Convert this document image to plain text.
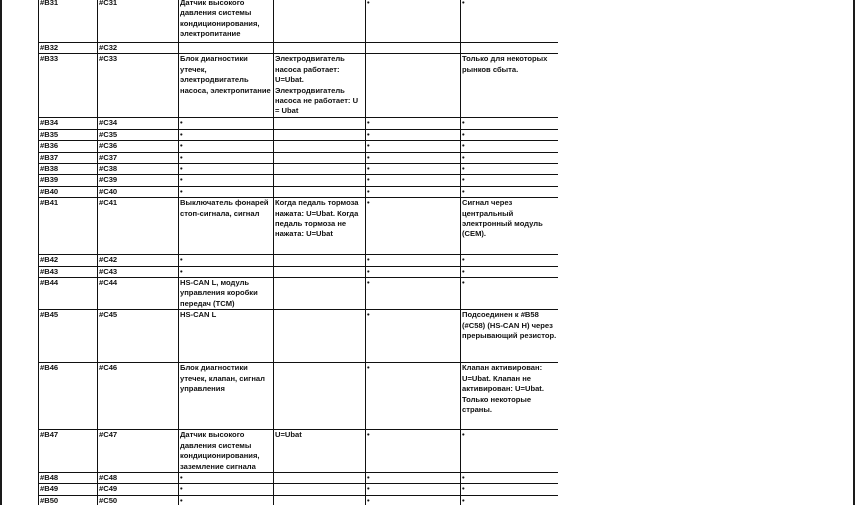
#B31	#C31	Датчик высокого давления системы кондиционирования, электропитание		•	•
#B32	#C32				
#B33	#C33	Блок диагностики утечек, электродвигатель насоса, электропитание	Электродвигатель насоса работает: U=Ubat. Электродвигатель насоса не работает: U = Ubat		Только для некоторых рынков сбыта.
#B34	#C34	•		•	•
#B35	#C35	•		•	•
#B36	#C36	•		•	•
#B37	#C37	•		•	•
#B38	#C38	•		•	•
#B39	#C39	•		•	•
#B40	#C40	•		•	•
#B41	#C41	Выключатель фонарей стоп-сигнала, сигнал	Когда педаль тормоза нажата: U=Ubat. Когда педаль тормоза не нажата: U=Ubat	•	Сигнал через центральный электронный модуль (CEM).
#B42	#C42	•		•	•
#B43	#C43	•		•	•
#B44	#C44	HS-CAN L, модуль управления коробки передач (TCM)		•	•
#B45	#C45	HS-CAN L		•	Подсоединен к #B58 (#C58) (HS-CAN H) через прерывающий резистор.
#B46	#C46	Блок диагностики утечек, клапан, сигнал управления		•	Клапан активирован: U=Ubat. Клапан не активирован: U=Ubat. Только некоторые страны.
#B47	#C47	Датчик высокого давления системы кондиционирования, заземление сигнала	U=Ubat	•	•
#B48	#C48	•		•	•
#B49	#C49	•		•	•
#B50	#C50	•		•	•
